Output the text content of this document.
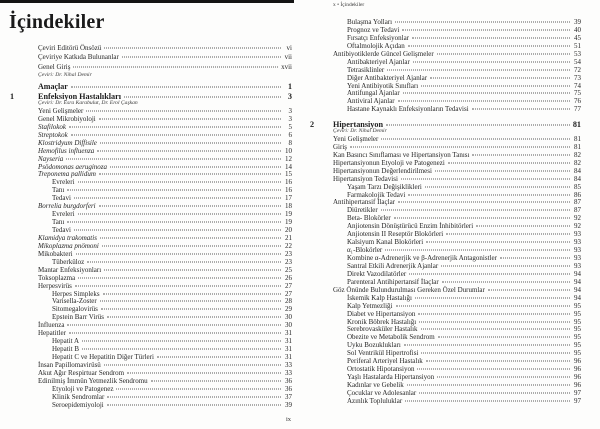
İçindekiler
Çeviri Editörü Önsözü	vi
Çeviriye Katkıda Bulunanlar	vii
Genel Giriş	xvii
Çeviri: Dr. Nihal Demir
Amaçlar	1
1	Enfeksiyon Hastalıkları	3
Çeviri: Dr. Esra Karabulut, Dr. Erol Çaşkan
Yeni Gelişmeler	3
Genel Mikrobiyoloji	3
Stafilokok	5
Streptokok	6
Klostridyum Diffisile	8
Hemofilus influenza	10
Nayseria	12
Psödomonas aeruginoza	14
Treponema pallidum	15
Evreleri	16
Tanı	16
Tedavi	17
Borrelia burgdorferi	18
Evreleri	19
Tanı	19
Tedavi	20
Klamidya trakomatis	21
Mikoplazma pnömoni	22
Mikobakteri	23
Tüberküloz	23
Mantar Enfeksiyonları	25
Toksoplazma	26
Herpesvirüs	27
Herpes Simpleks	27
Varisella-Zoster	28
Sitomegalovirüs	29
Epstein Barr Virüs	30
İnfluenza	30
Hepatitler	31
Hepatit A	31
Hepatit B	31
Hepatit C ve Hepatitin Diğer Türleri	31
İnsan Papillomavirüsü	33
Akut Ağır Respirtuar Sendrom	33
Edinilmiş İmmün Yetmezlik Sendromu	36
Etyoloji ve Patogenez	36
Klinik Sendromlar	37
Seroepidemiyoloji	39
ix
x • İçindekiler
Bulaşma Yolları	39
Prognoz ve Tedavi	40
Fırsatçı Enfeksiyonlar	45
Oftalmolojik Açıdan	51
Antibiyotiklerde Güncel Gelişmeler	53
Antibakteriyel Ajanlar	54
Tetrasiklinler	72
Diğer Antibakteriyel Ajanlar	73
Yeni Antibiyotik Sınıfları	74
Antifungal Ajanlar	75
Antiviral Ajanlar	76
Hastane Kaynaklı Enfeksiyonların Tedavisi	77
2 Hipertansiyon	81
Çeviri: Dr. Nihal Demir
Yeni Gelişmeler	81
Giriş	81
Kan Basıncı Sınıflaması ve Hipertansiyon Tanısı	82
Hipertansiyonun Etyoloji ve Patogenezi	82
Hipertansiyonun Değerlendirilmesi	84
Hipertansiyon Tedavisi	84
Yaşam Tarzı Değişiklikleri	85
Farmakolojik Tedavi	86
Antihipertansif İlaçlar	87
Diüretikler	87
Beta- Blokörler	92
Anjiotensin Dönüştürücü Enzim İnhibitörleri	92
Anjiotensin II Reseptör Blokörleri	93
Kalsiyum Kanal Blokörleri	93
α₁-Blokörler	93
Kombine α-Adrenerjik ve β-Adrenerjik Antagonistler	93
Santral Etkili Adrenerjik Ajanlar	93
Direkt Vazodilatörler	94
Parenteral Antihipertansif İlaçlar	94
Göz Önünde Bulundurulması Gereken Özel Durumlar	94
İskemik Kalp Hastalığı	94
Kalp Yetmezliği	95
Diabet ve Hipertansiyon	95
Kronik Böbrek Hastalığı	95
Serebrovasküler Hastalık	95
Obezite ve Metabolik Sendrom	95
Uyku Bozuklukları	95
Sol Ventrikül Hipertrofisi	95
Periferal Arteriyel Hastalık	96
Ortostatik Hipotansiyon	96
Yaşlı Hastalarda Hipertansiyon	96
Kadınlar ve Gebelik	96
Çocuklar ve Adolesanlar	97
Azınlık Topluluklar	97
